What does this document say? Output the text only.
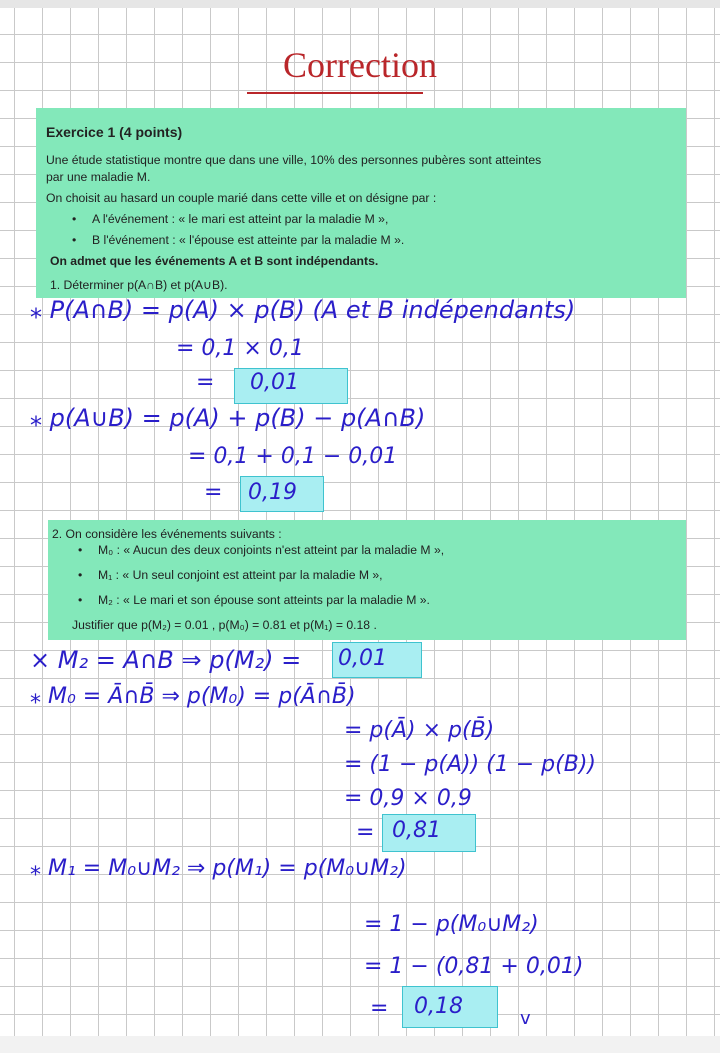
Correction
Exercice 1 (4 points)
Une étude statistique montre que dans une ville, 10% des personnes pubères sont atteintes
par une maladie M.
On choisit au hasard un couple marié dans cette ville et on désigne par :
• A l'événement : « le mari est atteint par la maladie M »,
• B l'événement : « l'épouse est atteinte par la maladie M ».
On admet que les événements A et B sont indépendants.
1. Déterminer p(A∩B) et p(A∪B).
⁎ P(A∩B) = p(A) × p(B) (A et B indépendants)
= 0,1 × 0,1
= 0,01
⁎ p(A∪B) = p(A) + p(B) − p(A∩B)
= 0,1 + 0,1 − 0,01
= 0,19
2. On considère les événements suivants :
• M₀ : « Aucun des deux conjoints n'est atteint par la maladie M »,
• M₁ : « Un seul conjoint est atteint par la maladie M »,
• M₂ : « Le mari et son épouse sont atteints par la maladie M ».
Justifier que p(M₂) = 0.01 , p(M₀) = 0.81 et p(M₁) = 0.18 .
× M₂ = A∩B ⇒ p(M₂) = 0,01
⁎ M₀ = Ā∩B̄ ⇒ p(M₀) = p(Ā∩B̄)
= p(Ā) × p(B̄)
= (1 − p(A)) (1 − p(B))
= 0,9 × 0,9
= 0,81
⁎ M₁ = M₀∪M₂ ⇒ p(M₁) = p(M₀∪M₂)
= 1 − p(M₀∪M₂)
= 1 − (0,81 + 0,01)
= 0,18	v
